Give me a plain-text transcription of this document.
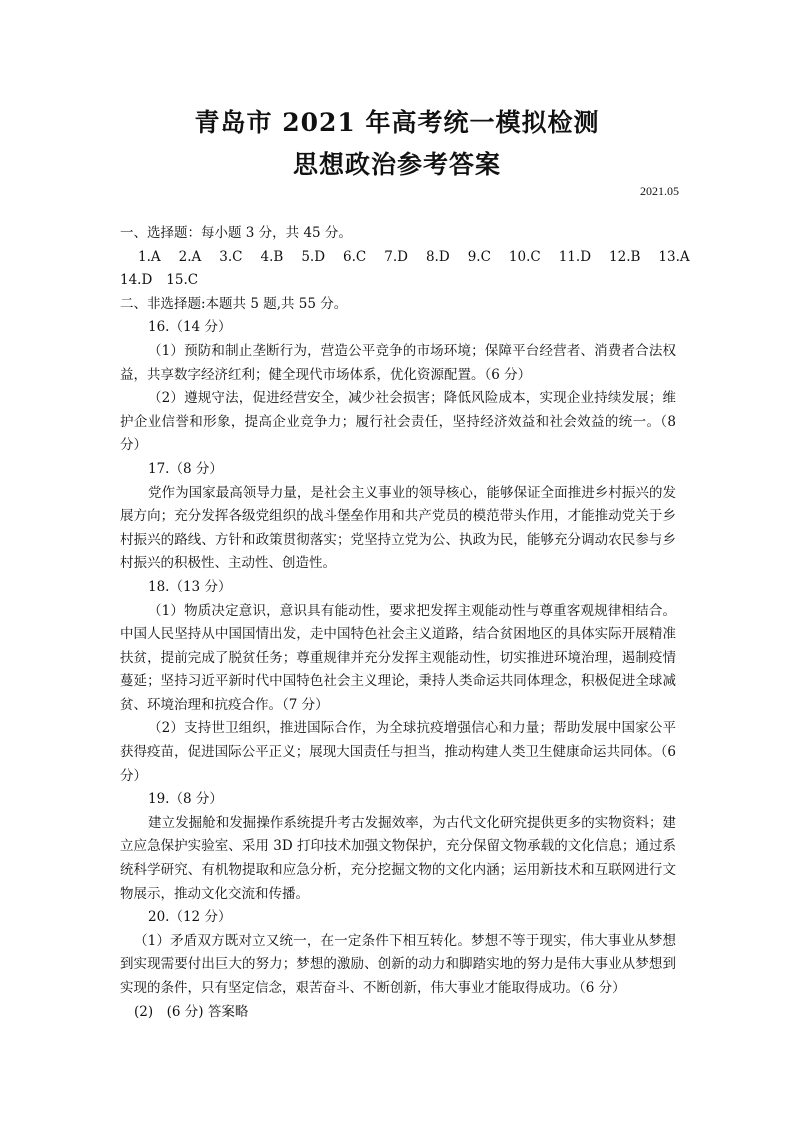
青岛市 2021 年高考统一模拟检测
思想政治参考答案
2021.05
一、选择题：每小题 3 分，共 45 分。
1.A 2.A 3.C 4.B 5.D 6.C 7.D 8.D 9.C 10.C 11.D 12.B 13.A
14.D 15.C
二、非选择题:本题共 5 题,共 55 分。
16.（14 分）
（1）预防和制止垄断行为，营造公平竞争的市场环境；保障平台经营者、消费者合法权益，共享数字经济红利；健全现代市场体系，优化资源配置。（6 分）
（2）遵规守法，促进经营安全，减少社会损害；降低风险成本，实现企业持续发展；维护企业信誉和形象，提高企业竞争力；履行社会责任，坚持经济效益和社会效益的统一。（8 分）
17.（8 分）
党作为国家最高领导力量，是社会主义事业的领导核心，能够保证全面推进乡村振兴的发展方向；充分发挥各级党组织的战斗堡垒作用和共产党员的模范带头作用，才能推动党关于乡村振兴的路线、方针和政策贯彻落实；党坚持立党为公、执政为民，能够充分调动农民参与乡村振兴的积极性、主动性、创造性。
18.（13 分）
（1）物质决定意识，意识具有能动性，要求把发挥主观能动性与尊重客观规律相结合。中国人民坚持从中国国情出发，走中国特色社会主义道路，结合贫困地区的具体实际开展精准扶贫，提前完成了脱贫任务；尊重规律并充分发挥主观能动性，切实推进环境治理，遏制疫情蔓延；坚持习近平新时代中国特色社会主义理论，秉持人类命运共同体理念，积极促进全球减贫、环境治理和抗疫合作。（7 分）
（2）支持世卫组织，推进国际合作，为全球抗疫增强信心和力量；帮助发展中国家公平获得疫苗，促进国际公平正义；展现大国责任与担当，推动构建人类卫生健康命运共同体。（6 分）
19.（8 分）
建立发掘舱和发掘操作系统提升考古发掘效率，为古代文化研究提供更多的实物资料；建立应急保护实验室、采用 3D 打印技术加强文物保护，充分保留文物承载的文化信息；通过系统科学研究、有机物提取和应急分析，充分挖掘文物的文化内涵；运用新技术和互联网进行文物展示，推动文化交流和传播。
20.（12 分）
（1）矛盾双方既对立又统一，在一定条件下相互转化。梦想不等于现实，伟大事业从梦想到实现需要付出巨大的努力；梦想的激励、创新的动力和脚踏实地的努力是伟大事业从梦想到实现的条件，只有坚定信念，艰苦奋斗、不断创新，伟大事业才能取得成功。（6 分）
(2)　(6 分) 答案略
